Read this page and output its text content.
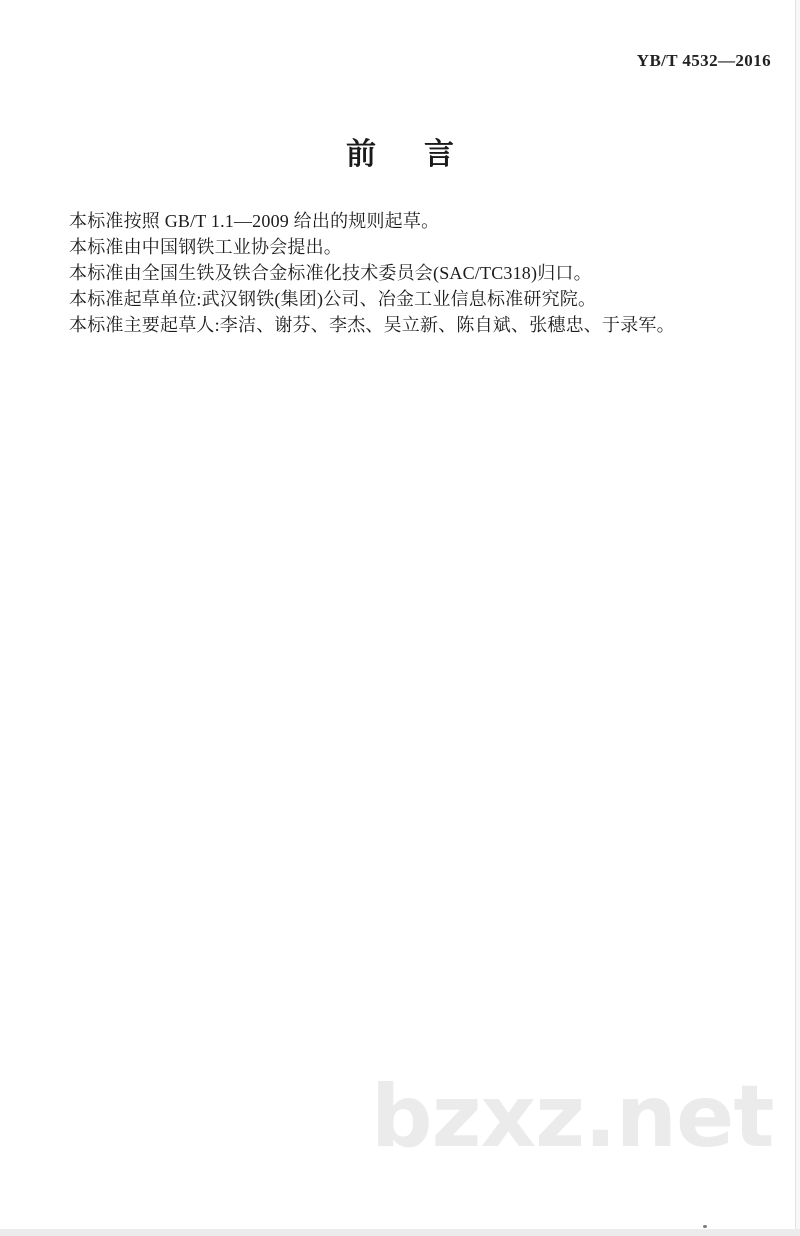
YB/T 4532—2016
前 言

本标准按照 GB/T 1.1—2009 给出的规则起草。

本标准由中国钢铁工业协会提出。

本标准由全国生铁及铁合金标准化技术委员会(SAC/TC318)归口。

本标准起草单位:武汉钢铁(集团)公司、冶金工业信息标准研究院。

本标准主要起草人:李洁、谢芬、李杰、吴立新、陈自斌、张穗忠、于录军。

bzxz.net
